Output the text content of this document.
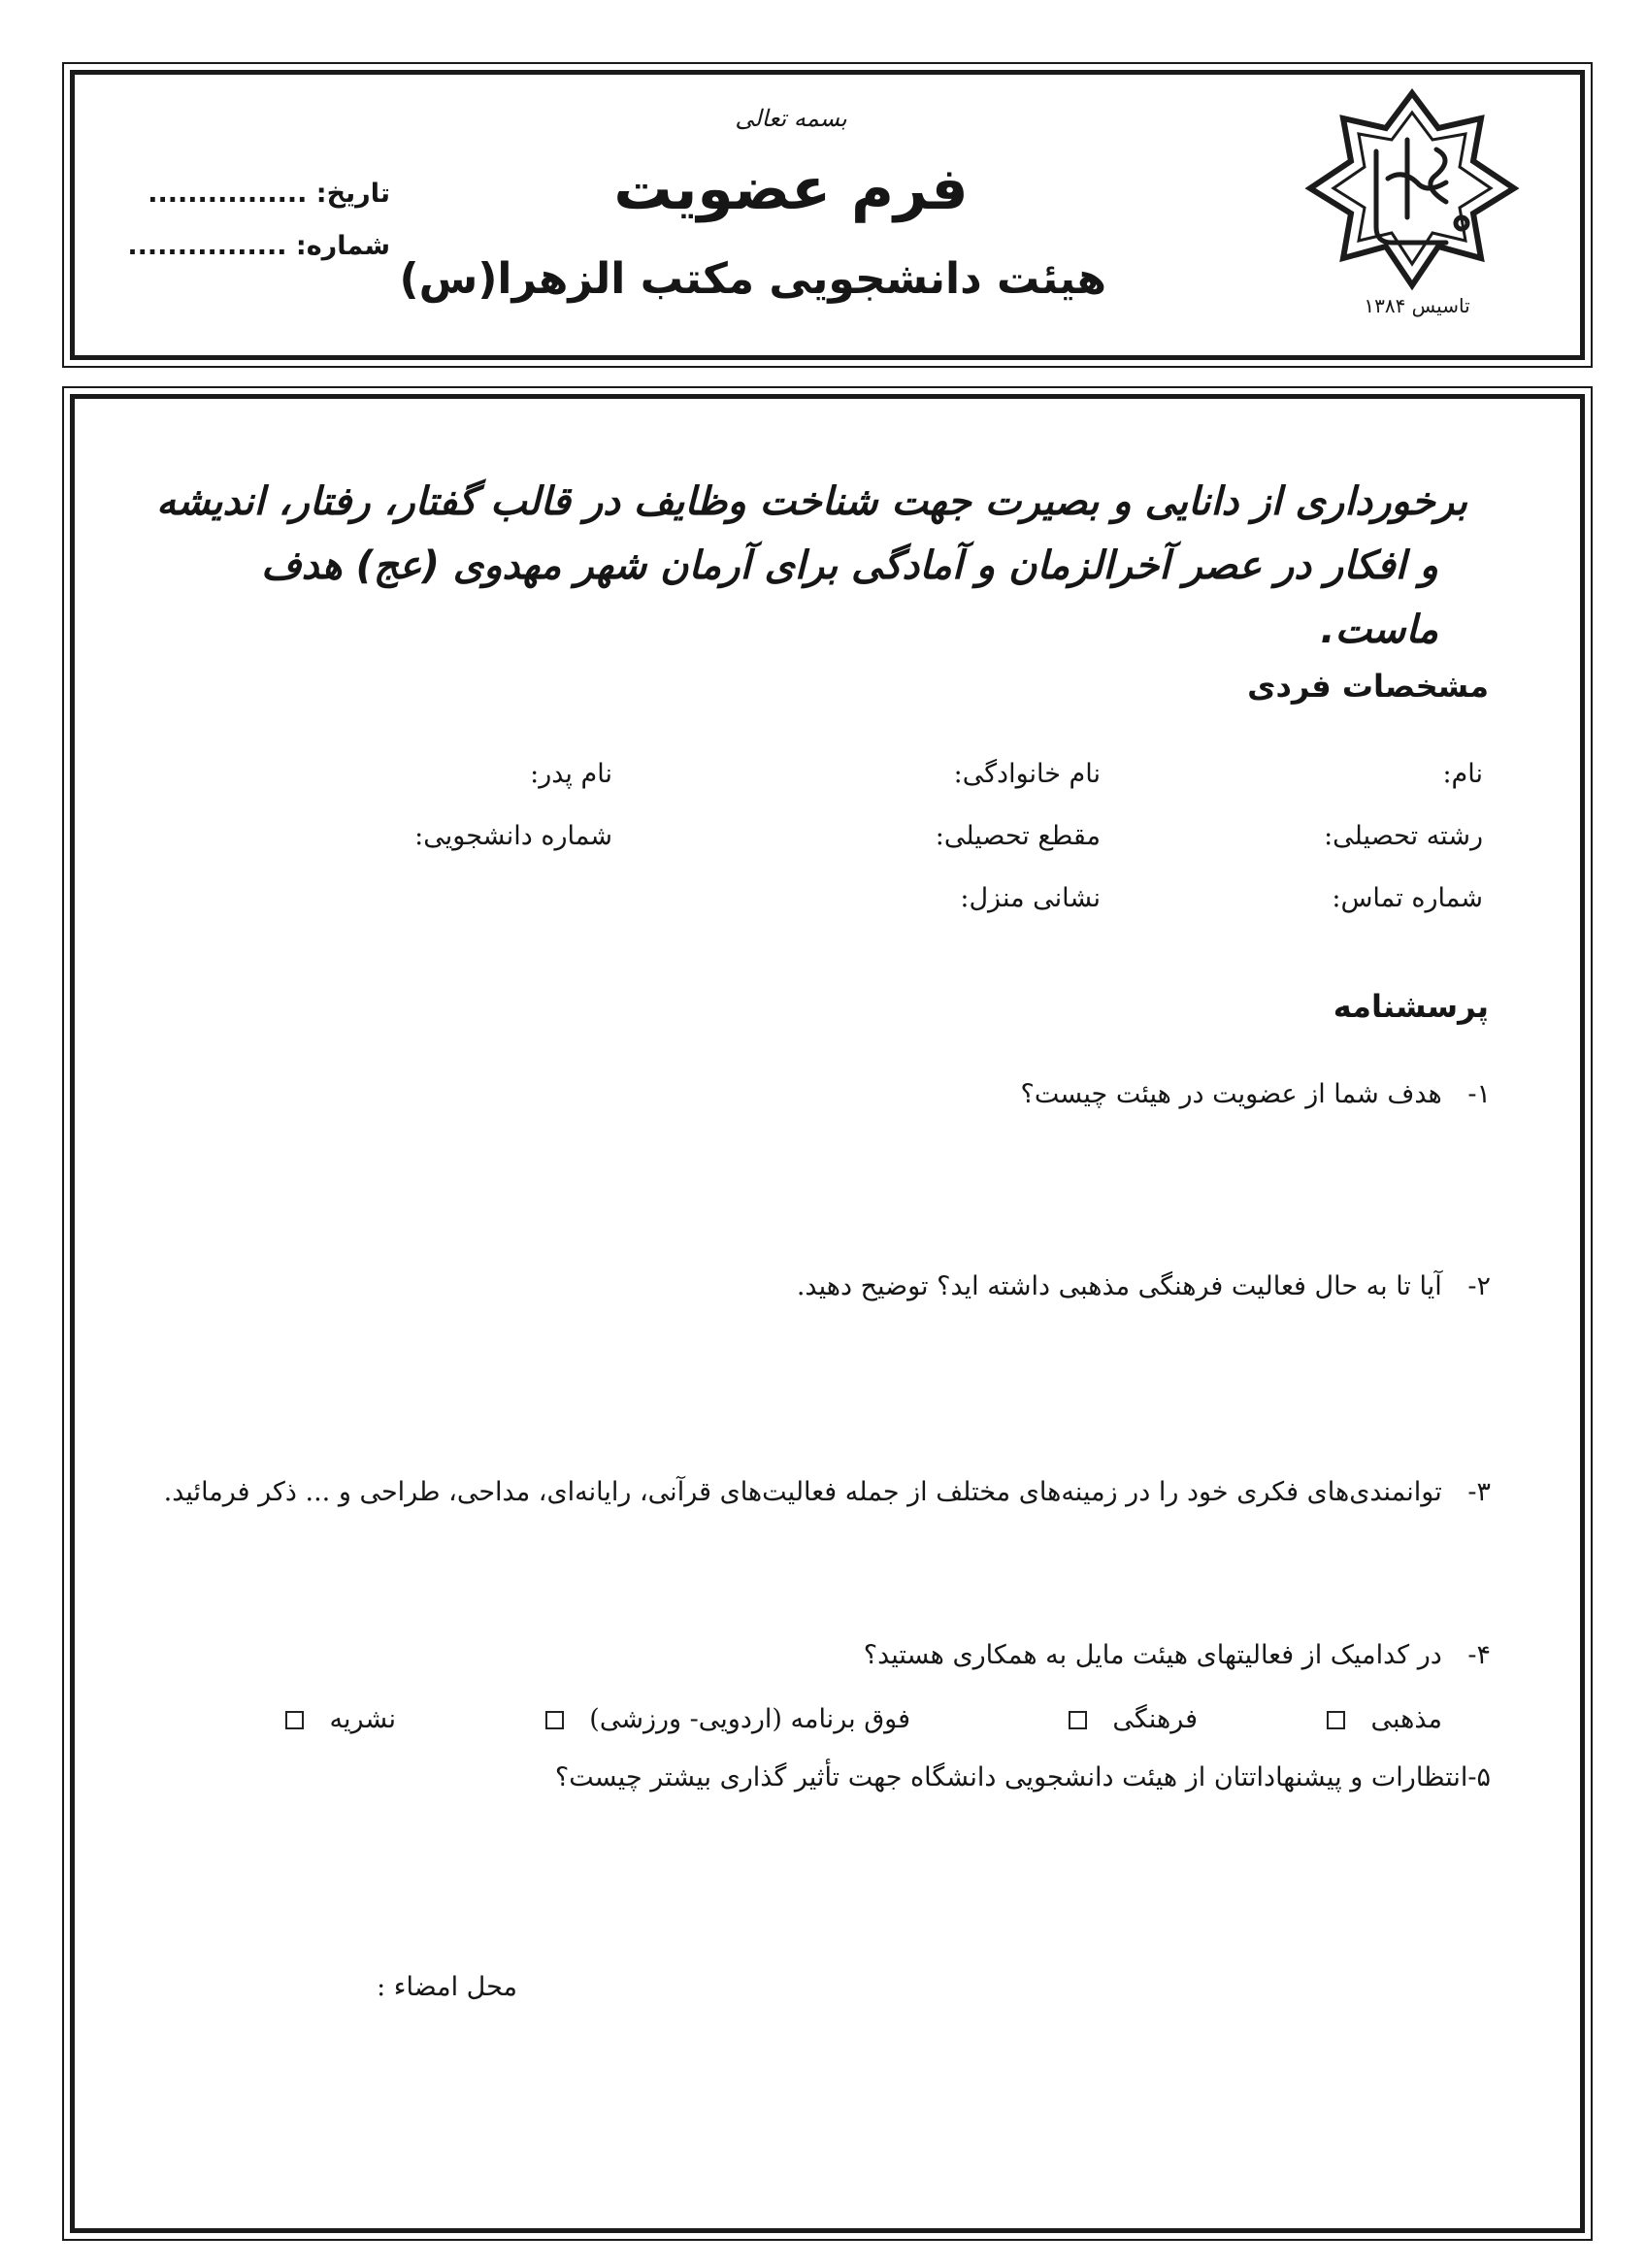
بسمه تعالی
فرم عضویت
هیئت دانشجویی مکتب الزهرا(س)
تاریخ: ................
شماره: ................
تاسیس ۱۳۸۴
برخورداری از دانایی و بصیرت جهت شناخت وظایف در قالب گفتار، رفتار، اندیشه
و افکار در عصر آخرالزمان و آمادگی برای آرمان شهر مهدوی (عج) هدف ماست.
مشخصات فردی
نام:
نام خانوادگی:
نام پدر:
رشته تحصیلی:
مقطع تحصیلی:
شماره دانشجویی:
شماره تماس:
نشانی منزل:
پرسشنامه
۱- هدف شما از عضویت در هیئت چیست؟
۲- آیا تا به حال فعالیت فرهنگی مذهبی داشته اید؟ توضیح دهید.
۳- توانمندی‌های فکری خود را در زمینه‌های مختلف از جمله فعالیت‌های قرآنی، رایانه‌ای، مداحی، طراحی و ... ذکر فرمائید.
۴- در کدامیک از فعالیتهای هیئت مایل به همکاری هستید؟
مذهبی
فرهنگی
فوق برنامه (اردویی- ورزشی)
نشریه
۵-انتظارات و پیشنهاداتتان از هیئت دانشجویی دانشگاه جهت تأثیر گذاری بیشتر چیست؟
محل امضاء :
